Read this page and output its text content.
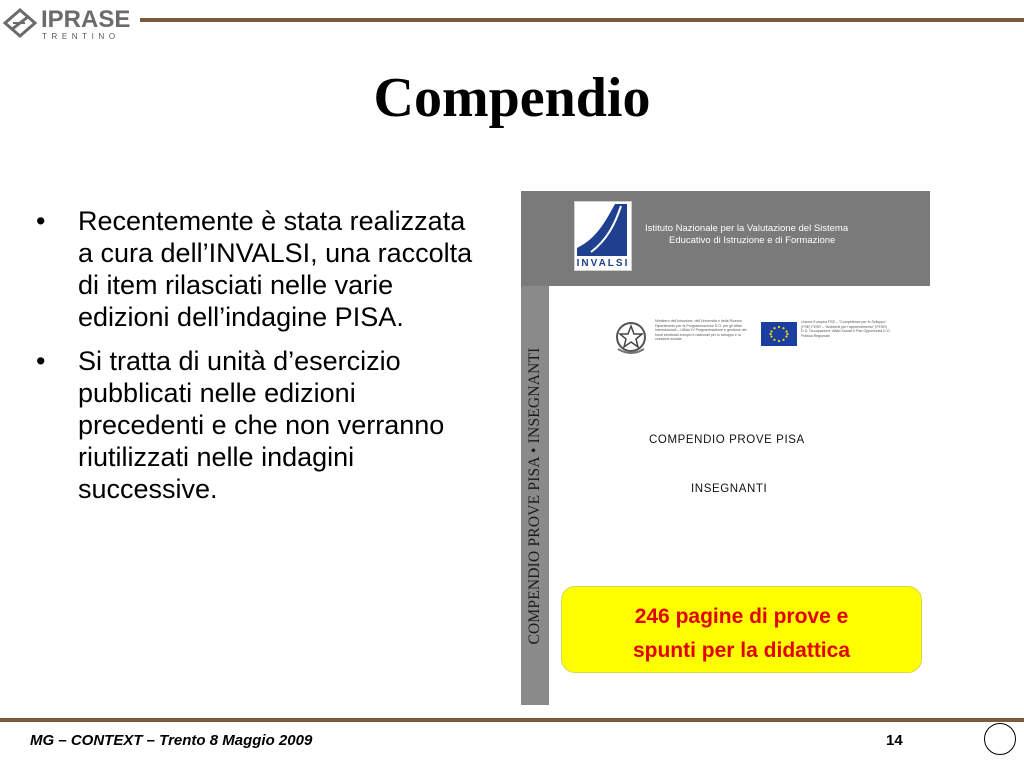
IPRASE
TRENTINO
Compendio
• Recentemente è stata realizzata a cura dell’INVALSI, una raccolta di item rilasciati nelle varie edizioni dell’indagine PISA.
• Si tratta di unità d’esercizio pubblicati nelle edizioni precedenti e che non verranno riutilizzati nelle indagini successive.
INVALSI
Istituto Nazionale per la Valutazione del Sistema
Educativo di Istruzione e di Formazione
COMPENDIO PROVE PISA • INSEGNANTI
Ministero dell’Istruzione, dell’Università e della Ricerca Dipartimento per la Programmazione D.G. per gli Affari Internazionali – Ufficio IV Programmazione e gestione dei fondi strutturali europei e nazionali per lo sviluppo e la coesione sociale
Unione Europea FSE – “Competenze per lo Sviluppo” (FSE) FESR – “Ambienti per l’apprendimento” (FESR) D.G. Occupazione, Affari Sociali e Pari Opportunità D.G. Politica Regionale
COMPENDIO PROVE PISA
INSEGNANTI
246 pagine di prove e
spunti per la didattica
MG – CONTEXT – Trento 8 Maggio 2009	14
